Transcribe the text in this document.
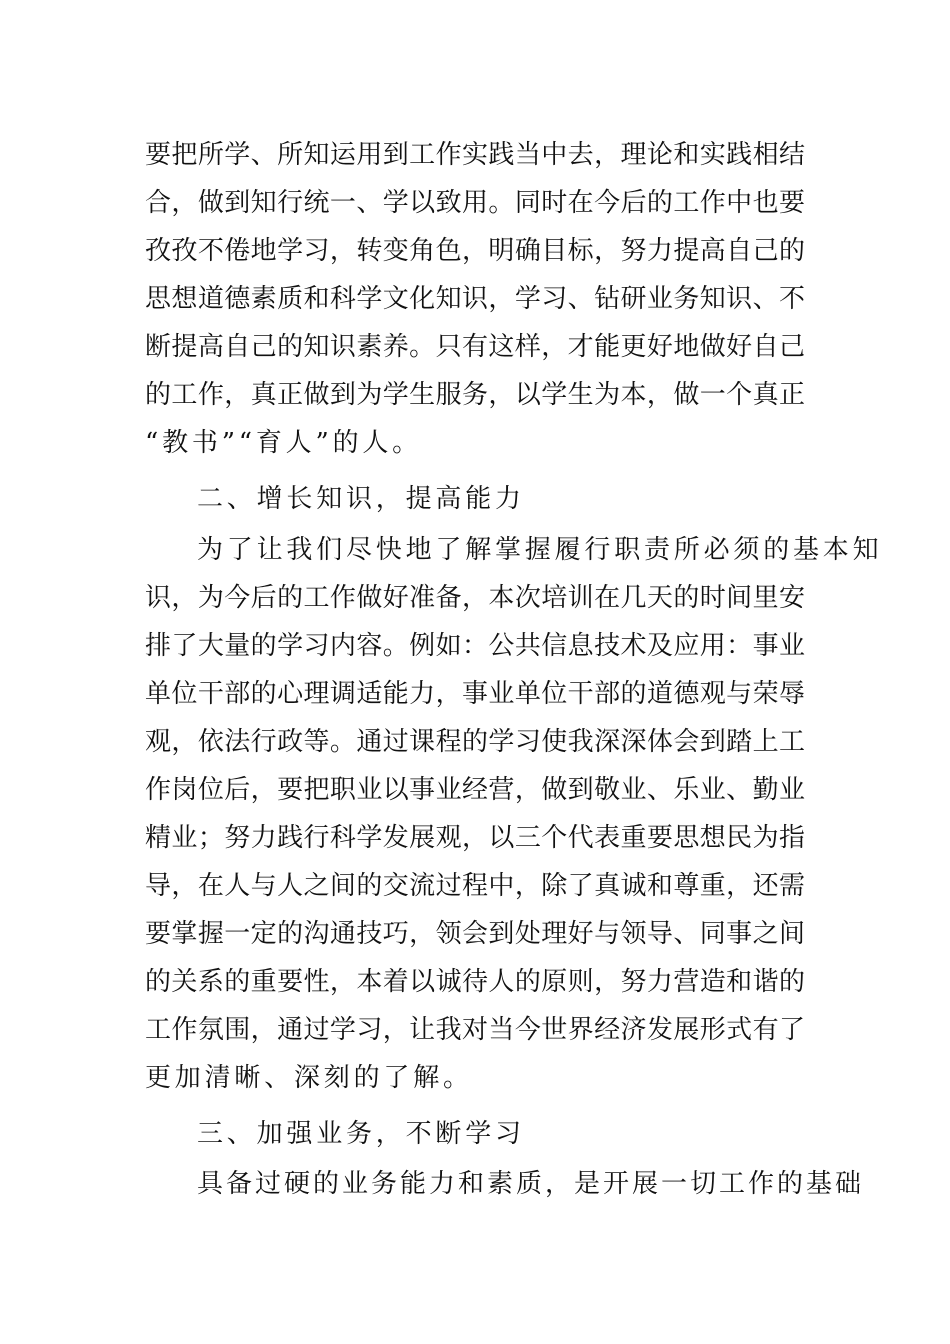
要把所学、所知运用到工作实践当中去，理论和实践相结
合，做到知行统一、学以致用。同时在今后的工作中也要
孜孜不倦地学习，转变角色，明确目标，努力提高自己的
思想道德素质和科学文化知识，学习、钻研业务知识、不
断提高自己的知识素养。只有这样，才能更好地做好自己
的工作，真正做到为学生服务，以学生为本，做一个真正
“教书”“育人”的人。
二、增长知识，提高能力
为了让我们尽快地了解掌握履行职责所必须的基本知
识，为今后的工作做好准备，本次培训在几天的时间里安
排了大量的学习内容。例如：公共信息技术及应用：事业
单位干部的心理调适能力，事业单位干部的道德观与荣辱
观，依法行政等。通过课程的学习使我深深体会到踏上工
作岗位后，要把职业以事业经营，做到敬业、乐业、勤业
精业；努力践行科学发展观，以三个代表重要思想民为指
导，在人与人之间的交流过程中，除了真诚和尊重，还需
要掌握一定的沟通技巧，领会到处理好与领导、同事之间
的关系的重要性，本着以诚待人的原则，努力营造和谐的
工作氛围，通过学习，让我对当今世界经济发展形式有了
更加清晰、深刻的了解。
三、加强业务，不断学习
具备过硬的业务能力和素质，是开展一切工作的基础
